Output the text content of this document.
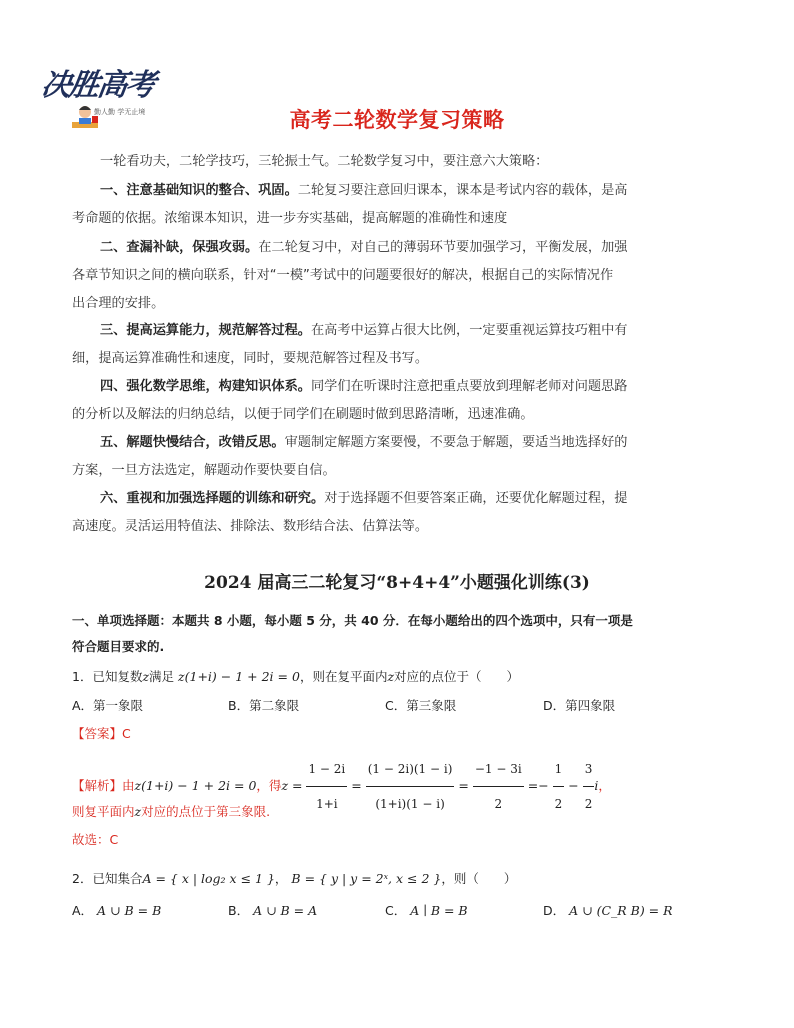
决胜高考
勤人勤 学无止境	高考二轮数学复习策略
一轮看功夫，二轮学技巧，三轮振士气。二轮数学复习中，要注意六大策略：
一、注意基础知识的整合、巩固。二轮复习要注意回归课本，课本是考试内容的载体，是高
考命题的依据。浓缩课本知识，进一步夯实基础，提高解题的准确性和速度
二、查漏补缺，保强攻弱。在二轮复习中，对自己的薄弱环节要加强学习，平衡发展，加强
各章节知识之间的横向联系，针对“一模”考试中的问题要很好的解决，根据自己的实际情况作
出合理的安排。
三、提高运算能力，规范解答过程。在高考中运算占很大比例，一定要重视运算技巧粗中有
细，提高运算准确性和速度，同时，要规范解答过程及书写。
四、强化数学思维，构建知识体系。同学们在听课时注意把重点要放到理解老师对问题思路
的分析以及解法的归纳总结，以便于同学们在刷题时做到思路清晰，迅速准确。
五、解题快慢结合，改错反思。审题制定解题方案要慢，不要急于解题，要适当地选择好的
方案，一旦方法选定，解题动作要快要自信。
六、重视和加强选择题的训练和研究。对于选择题不但要答案正确，还要优化解题过程，提
高速度。灵活运用特值法、排除法、数形结合法、估算法等。
2024 届高三二轮复习“8+4+4”小题强化训练(3)
一、单项选择题：本题共 8 小题，每小题 5 分，共 40 分．在每小题给出的四个选项中，只有一项是
符合题目要求的.
1．已知复数z满足 z(1+i) − 1 + 2i = 0，则在复平面内z对应的点位于（　　）
A．第一象限	B．第二象限	C．第三象限	D．第四象限
【答案】C
【解析】由z(1+i) − 1 + 2i = 0，得$z = \frac{1 - 2i}{1+i} = \frac{(1 - 2i)(1 - i)}{(1+i)(1 - i)} = \frac{-1 - 3i}{2} =- \frac{1}{2} - \frac{3}{2}$ i，
则复平面内z对应的点位于第三象限.
故选：C
2．已知集合A = { x | log₂ x ≤ 1 }， B = { y | y = 2ˣ, x ≤ 2 }，则（　　）
A． A ∪ B = B	B． A ∪ B = A	C． A ∣ B = B	D． A ∪ (C_R B) = R
